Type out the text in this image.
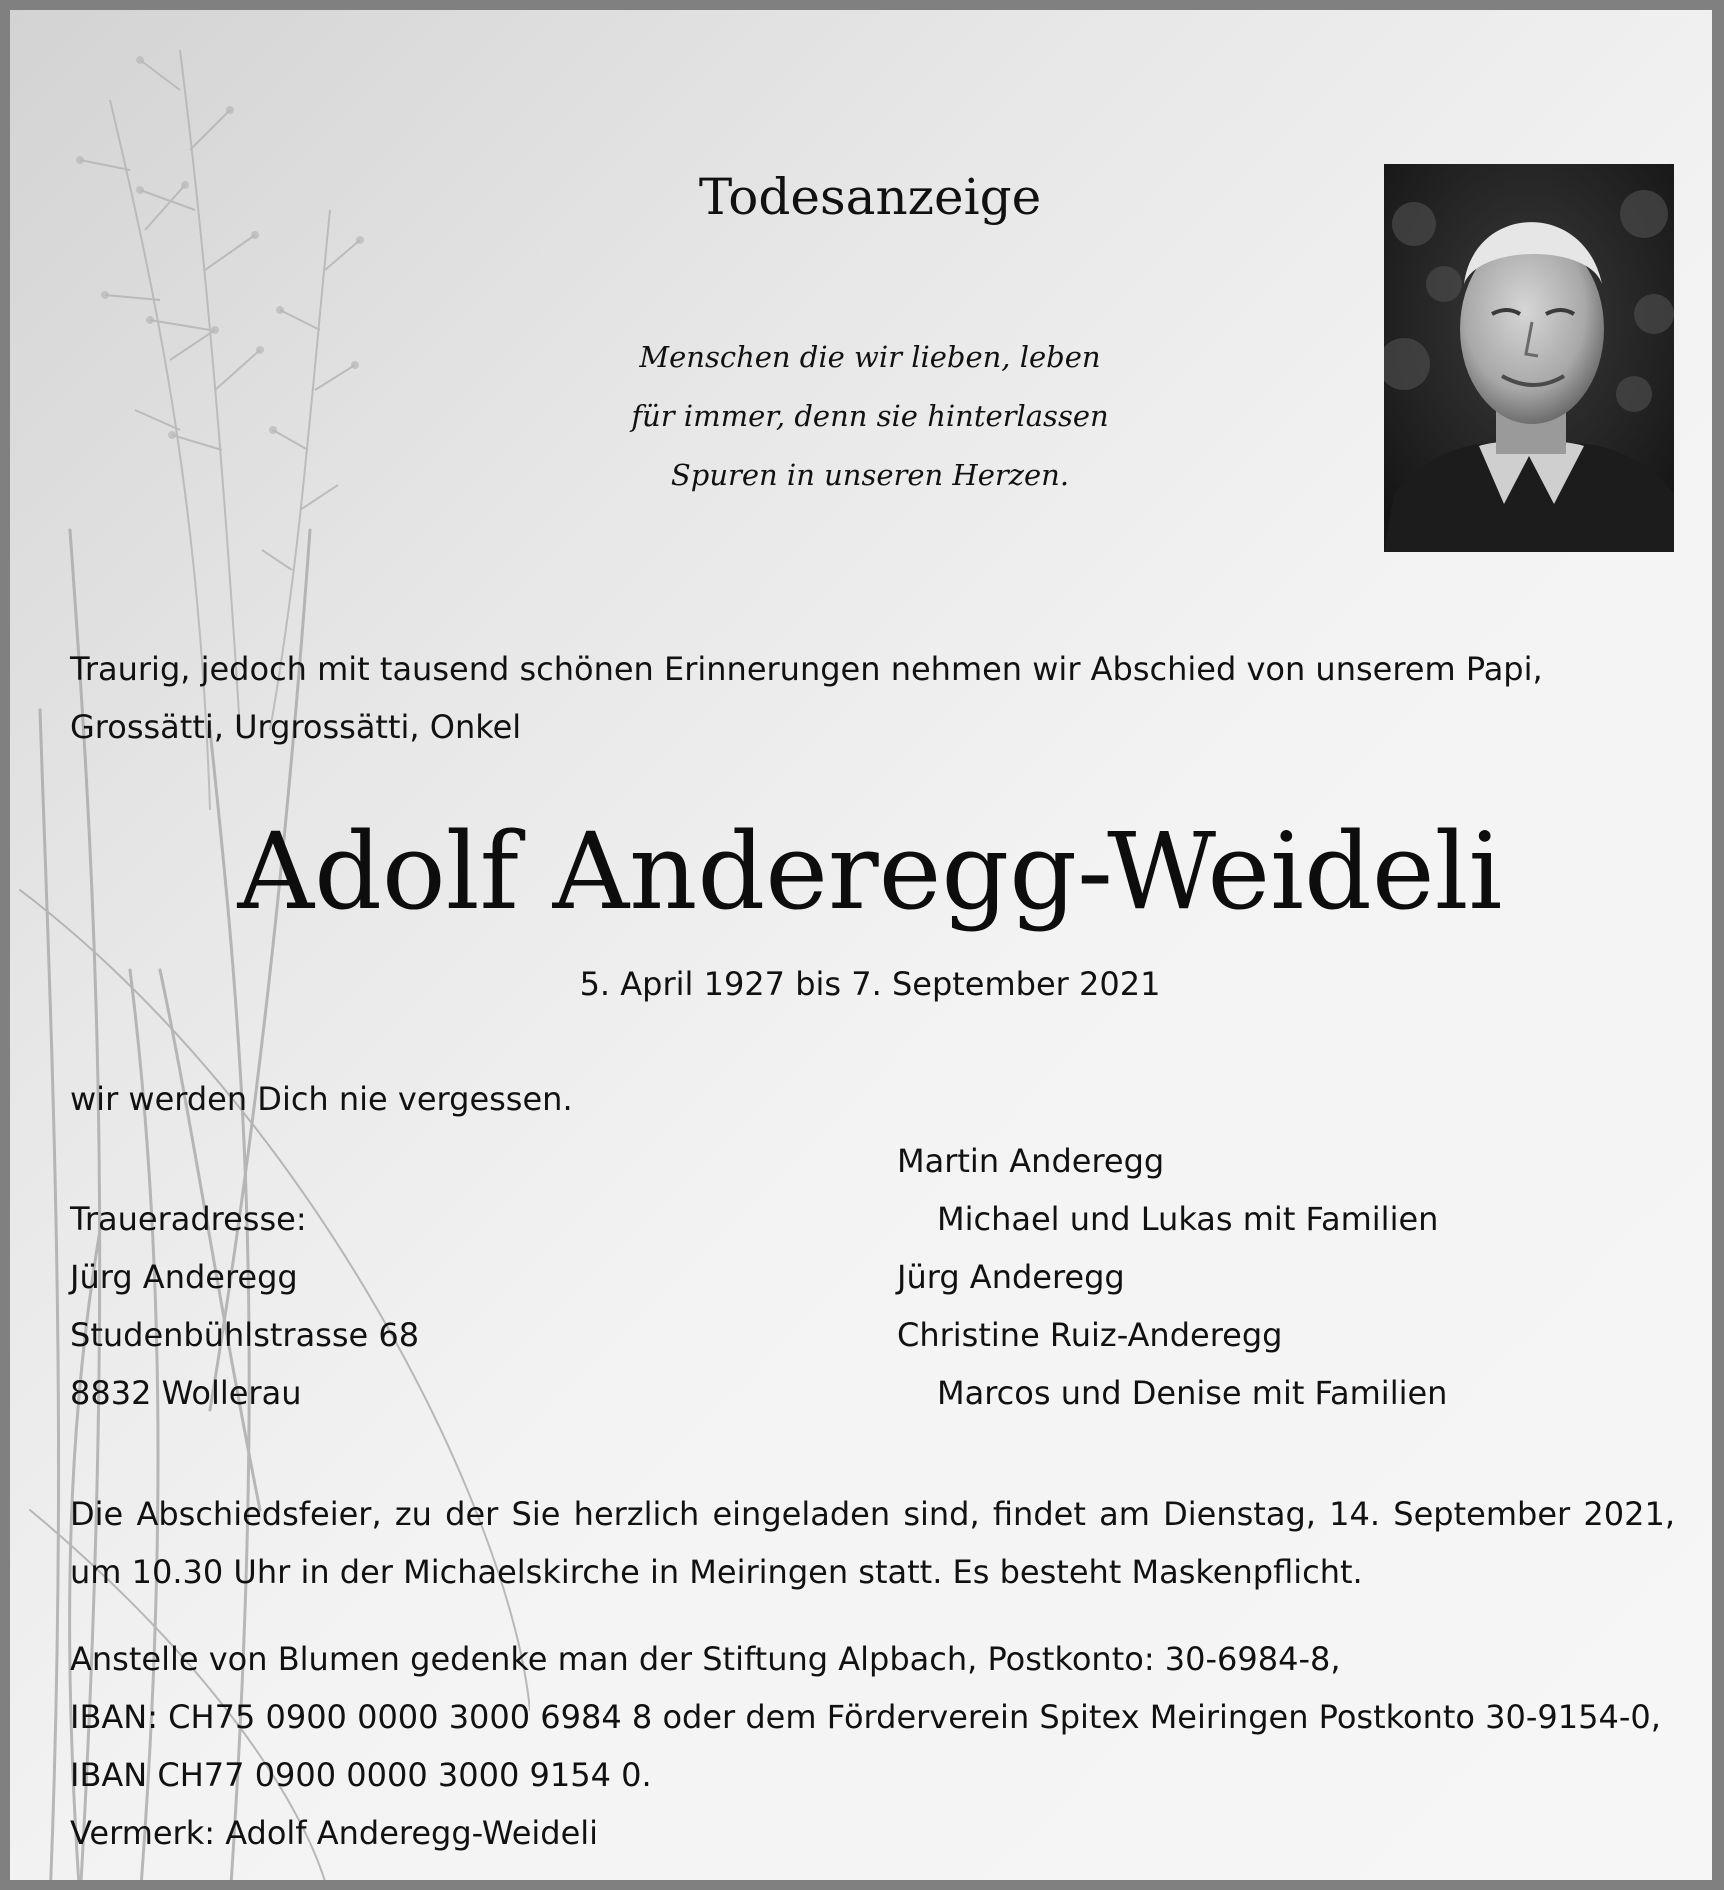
Todesanzeige
Menschen die wir lieben, leben
für immer, denn sie hinterlassen
Spuren in unseren Herzen.
Traurig, jedoch mit tausend schönen Erinnerungen nehmen wir Abschied von unserem Papi, Grossätti, Urgrossätti, Onkel
Adolf Anderegg-Weideli
5. April 1927 bis 7. September 2021
wir werden Dich nie vergessen.
Traueradresse:
Jürg Anderegg
Studenbühlstrasse 68
8832 Wollerau
Martin Anderegg
Michael und Lukas mit Familien
Jürg Anderegg
Christine Ruiz-Anderegg
Marcos und Denise mit Familien
Die Abschiedsfeier, zu der Sie herzlich eingeladen sind, findet am Dienstag, 14. September 2021, um 10.30 Uhr in der Michaelskirche in Meiringen statt. Es besteht Maskenpflicht.
Anstelle von Blumen gedenke man der Stiftung Alpbach, Postkonto: 30-6984-8,
IBAN: CH75 0900 0000 3000 6984 8 oder dem Förderverein Spitex Meiringen Postkonto 30-9154-0,
IBAN CH77 0900 0000 3000 9154 0.
Vermerk: Adolf Anderegg-Weideli
